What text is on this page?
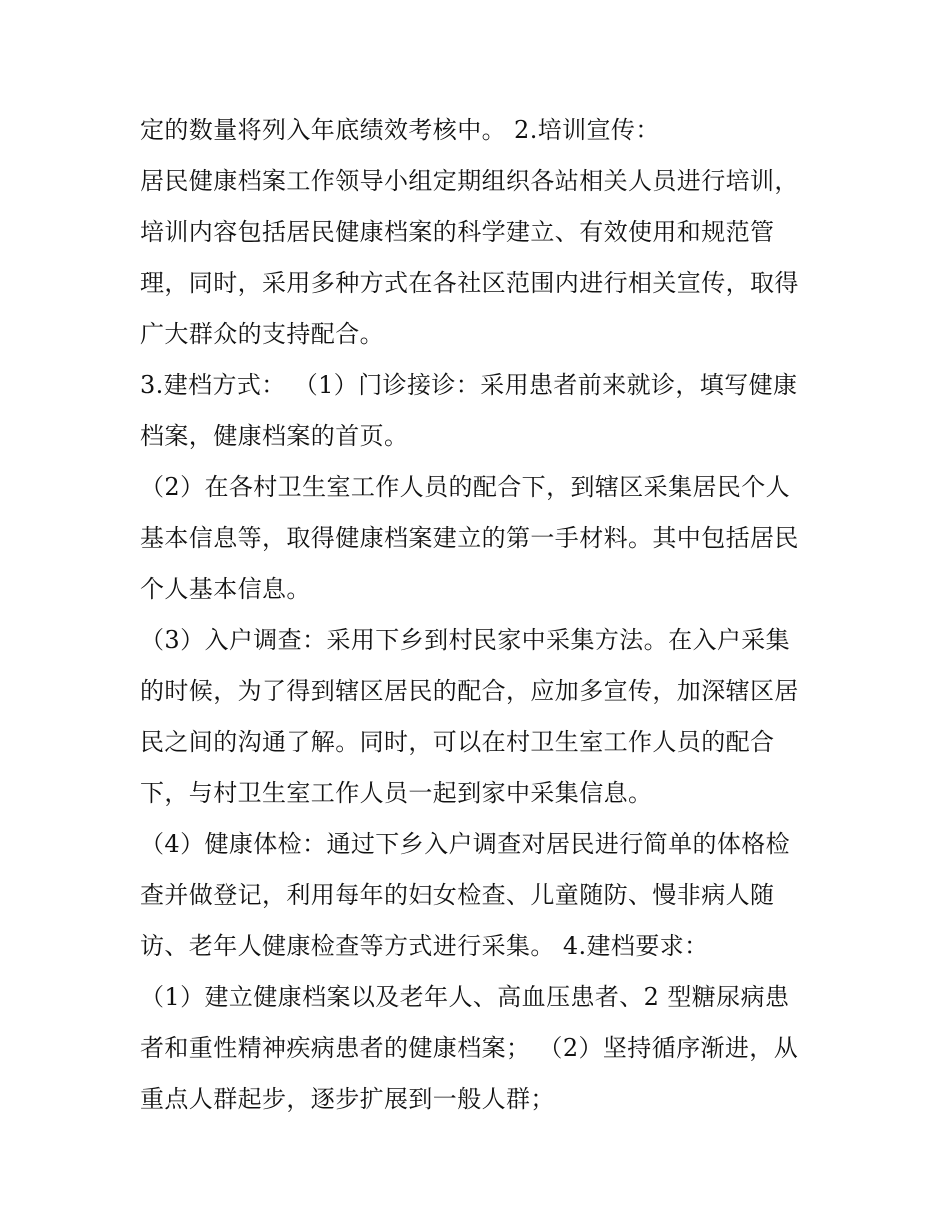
定的数量将列入年底绩效考核中。 2.培训宣传：
居民健康档案工作领导小组定期组织各站相关人员进行培训，
培训内容包括居民健康档案的科学建立、有效使用和规范管
理，同时，采用多种方式在各社区范围内进行相关宣传，取得
广大群众的支持配合。
3.建档方式： （1）门诊接诊：采用患者前来就诊，填写健康
档案，健康档案的首页。
（2）在各村卫生室工作人员的配合下，到辖区采集居民个人
基本信息等，取得健康档案建立的第一手材料。其中包括居民
个人基本信息。
（3）入户调查：采用下乡到村民家中采集方法。在入户采集
的时候，为了得到辖区居民的配合，应加多宣传，加深辖区居
民之间的沟通了解。同时，可以在村卫生室工作人员的配合
下，与村卫生室工作人员一起到家中采集信息。
（4）健康体检：通过下乡入户调查对居民进行简单的体格检
查并做登记，利用每年的妇女检查、儿童随防、慢非病人随
访、老年人健康检查等方式进行采集。 4.建档要求：
（1）建立健康档案以及老年人、高血压患者、2 型糖尿病患
者和重性精神疾病患者的健康档案； （2）坚持循序渐进，从
重点人群起步，逐步扩展到一般人群；
